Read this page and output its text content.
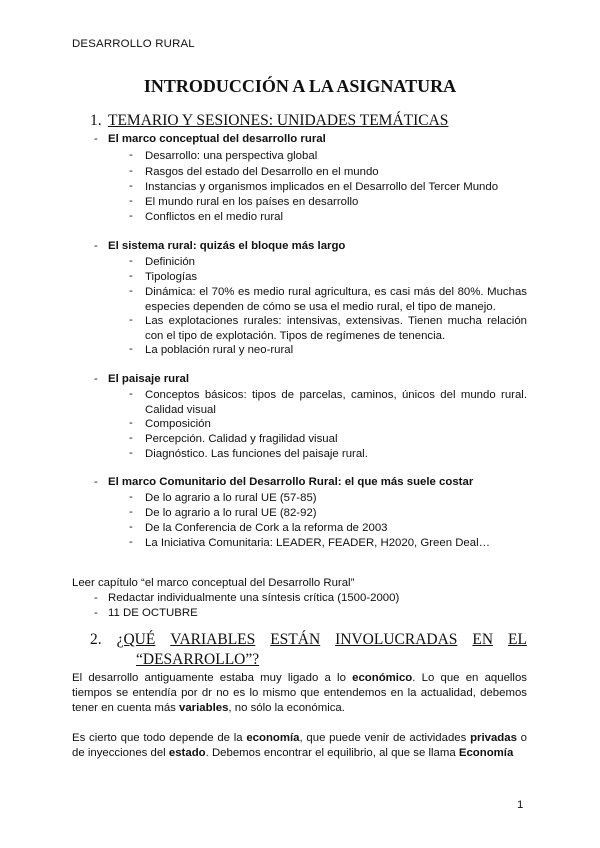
DESARROLLO RURAL
INTRODUCCIÓN A LA ASIGNATURA
1. TEMARIO Y SESIONES: UNIDADES TEMÁTICAS
- El marco conceptual del desarrollo rural
- Desarrollo: una perspectiva global
- Rasgos del estado del Desarrollo en el mundo
- Instancias y organismos implicados en el Desarrollo del Tercer Mundo
- El mundo rural en los países en desarrollo
- Conflictos en el medio rural
- El sistema rural: quizás el bloque más largo
- Definición
- Tipologías
- Dinámica: el 70% es medio rural agricultura, es casi más del 80%. Muchas especies dependen de cómo se usa el medio rural, el tipo de manejo.
- Las explotaciones rurales: intensivas, extensivas. Tienen mucha relación con el tipo de explotación. Tipos de regímenes de tenencia.
- La población rural y neo-rural
- El paisaje rural
- Conceptos básicos: tipos de parcelas, caminos, únicos del mundo rural. Calidad visual
- Composición
- Percepción. Calidad y fragilidad visual
- Diagnóstico. Las funciones del paisaje rural.
- El marco Comunitario del Desarrollo Rural: el que más suele costar
- De lo agrario a lo rural UE (57-85)
- De lo agrario a lo rural UE (82-92)
- De la Conferencia de Cork a la reforma de 2003
- La Iniciativa Comunitaria: LEADER, FEADER, H2020, Green Deal…
Leer capítulo “el marco conceptual del Desarrollo Rural”
- Redactar individualmente una síntesis crítica (1500-2000)
- 11 DE OCTUBRE
2. ¿QUÉ VARIABLES ESTÁN INVOLUCRADAS EN EL
“DESARROLLO”?
El desarrollo antiguamente estaba muy ligado a lo económico. Lo que en aquellos tiempos se entendía por dr no es lo mismo que entendemos en la actualidad, debemos tener en cuenta más variables, no sólo la económica.
Es cierto que todo depende de la economía, que puede venir de actividades privadas o de inyecciones del estado. Debemos encontrar el equilibrio, al que se llama Economía
1
